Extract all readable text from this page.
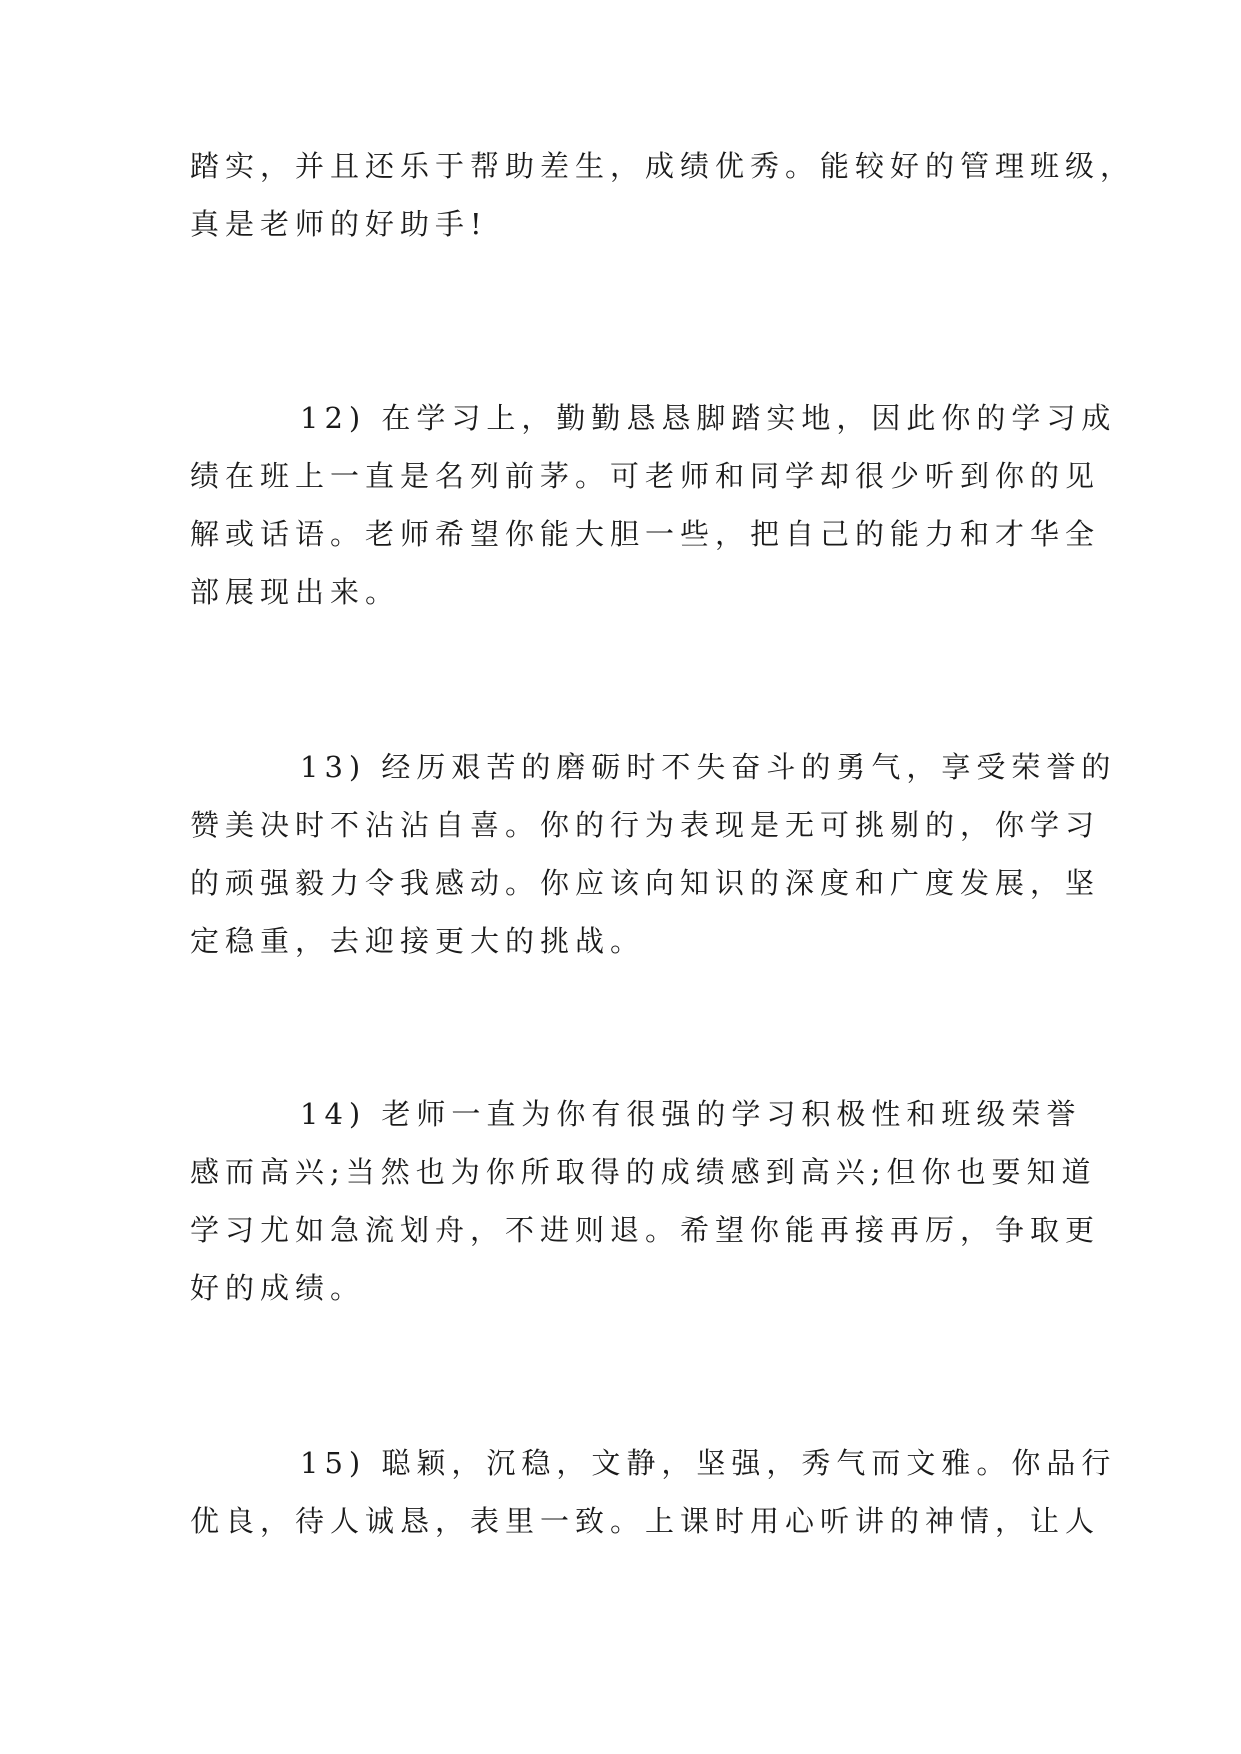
踏实，并且还乐于帮助差生，成绩优秀。能较好的管理班级，
真是老师的好助手!
12) 在学习上，勤勤恳恳脚踏实地，因此你的学习成
绩在班上一直是名列前茅。可老师和同学却很少听到你的见
解或话语。老师希望你能大胆一些，把自己的能力和才华全
部展现出来。
13) 经历艰苦的磨砺时不失奋斗的勇气，享受荣誉的
赞美决时不沾沾自喜。你的行为表现是无可挑剔的，你学习
的顽强毅力令我感动。你应该向知识的深度和广度发展，坚
定稳重，去迎接更大的挑战。
14) 老师一直为你有很强的学习积极性和班级荣誉
感而高兴;当然也为你所取得的成绩感到高兴;但你也要知道
学习尤如急流划舟，不进则退。希望你能再接再厉，争取更
好的成绩。
15) 聪颖，沉稳，文静，坚强，秀气而文雅。你品行
优良，待人诚恳，表里一致。上课时用心听讲的神情，让人
